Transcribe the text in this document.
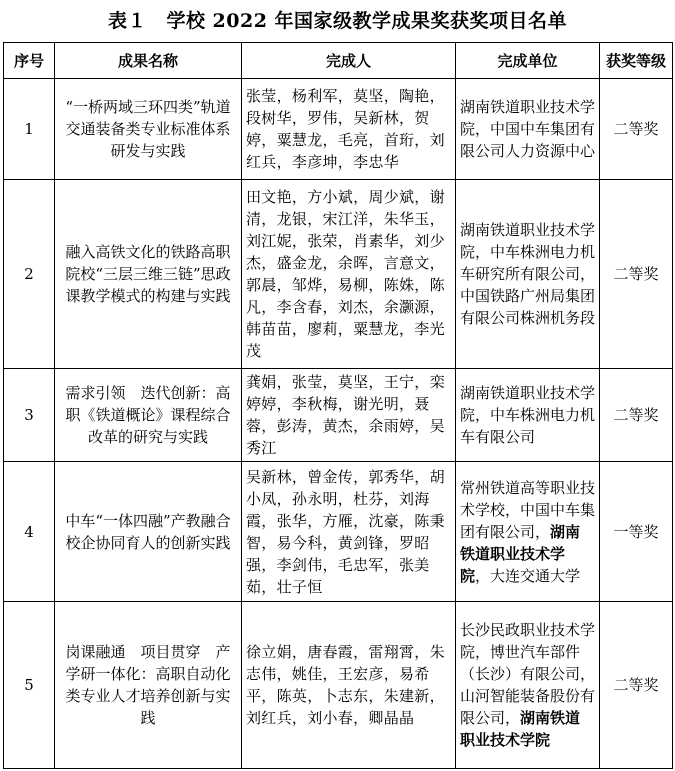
表１　学校 2022 年国家级教学成果奖获奖项目名单
序号	成果名称	完成人	完成单位	获奖等级
1	“一桥两域三环四类”轨道交通装备类专业标准体系研发与实践	张莹，杨利军，莫坚，陶艳，段树华，罗伟，吴新林，贺婷，粟慧龙，毛亮，首珩，刘红兵，李彦坤，李忠华	湖南铁道职业技术学院，中国中车集团有限公司人力资源中心	二等奖
2	融入高铁文化的铁路高职院校“三层三维三链”思政课教学模式的构建与实践	田文艳，方小斌，周少斌，谢清，龙银，宋江洋，朱华玉，刘江妮，张荣，肖素华，刘少杰，盛金龙，余晖，言意文，郭晨，邹烨，易柳，陈姝，陈凡，李含春，刘杰，余灏源，韩苗苗，廖莉，粟慧龙，李光茂	湖南铁道职业技术学院，中车株洲电力机车研究所有限公司，中国铁路广州局集团有限公司株洲机务段	二等奖
3	需求引领　迭代创新：高职《铁道概论》课程综合改革的研究与实践	龚娟，张莹，莫坚，王宁，栾婷婷，李秋梅，谢光明，聂蓉，彭涛，黄杰，余雨婷，吴秀江	湖南铁道职业技术学院，中车株洲电力机车有限公司	二等奖
4	中车“一体四融”产教融合校企协同育人的创新实践	吴新林，曾金传，郭秀华，胡小凤，孙永明，杜芬，刘海霞，张华，方雁，沈豪，陈秉智，易今科，黄剑锋，罗昭强，李剑伟，毛忠军，张美茹，壮子恒	常州铁道高等职业技术学校，中国中车集团有限公司，湖南铁道职业技术学院，大连交通大学	一等奖
5	岗课融通　项目贯穿　产学研一体化：高职自动化类专业人才培养创新与实践	徐立娟，唐春霞，雷翔霄，朱志伟，姚佳，王宏彦，易希平，陈英，卜志东，朱建新，刘红兵，刘小春，卿晶晶	长沙民政职业技术学院，博世汽车部件（长沙）有限公司，山河智能装备股份有限公司，湖南铁道职业技术学院	二等奖
